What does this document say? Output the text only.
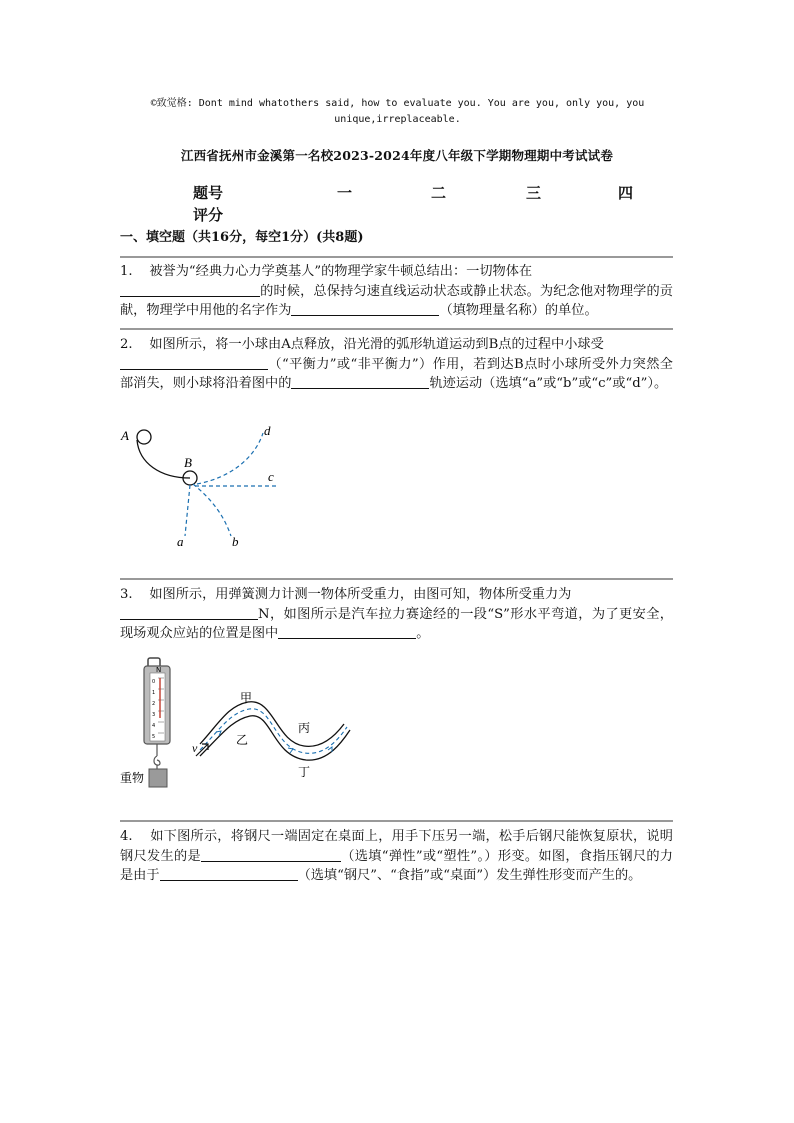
©致觉格: Dont mind whatothers said, how to evaluate you. You are you, only you, you unique,irreplaceable.
江西省抚州市金溪第一名校2023-2024年度八年级下学期物理期中考试试卷
题号	一	二	三	四
评分
一、填空题（共16分，每空1分）(共8题)
1. 被誉为“经典力心力学奠基人”的物理学家牛顿总结出：一切物体在
的时候，总保持匀速直线运动状态或静止状态。为纪念他对物理学的贡献，物理学中用他的名字作为	（填物理量名称）的单位。
2. 如图所示，将一小球由A点释放，沿光滑的弧形轨道运动到B点的过程中小球受
（“平衡力”或“非平衡力”）作用，若到达B点时小球所受外力突然全部消失，则小球将沿着图中的	轨迹运动（选填“a”或“b”或“c”或“d”）。
A
B
a	b
c
d
3. 如图所示，用弹簧测力计测一物体所受重力，由图可知，物体所受重力为
N，如图所示是汽车拉力赛途经的一段“S”形水平弯道，为了更安全，现场观众应站的位置是图中	。
N
0
1
2
3
4
5
重物
甲
乙
丙
丁
v
4. 如下图所示，将钢尺一端固定在桌面上，用手下压另一端，松手后钢尺能恢复原状，说明钢尺发生的是	（选填“弹性”或“塑性”。）形变。如图，食指压钢尺的力是由于	（选填“钢尺”、“食指”或“桌面”）发生弹性形变而产生的。
